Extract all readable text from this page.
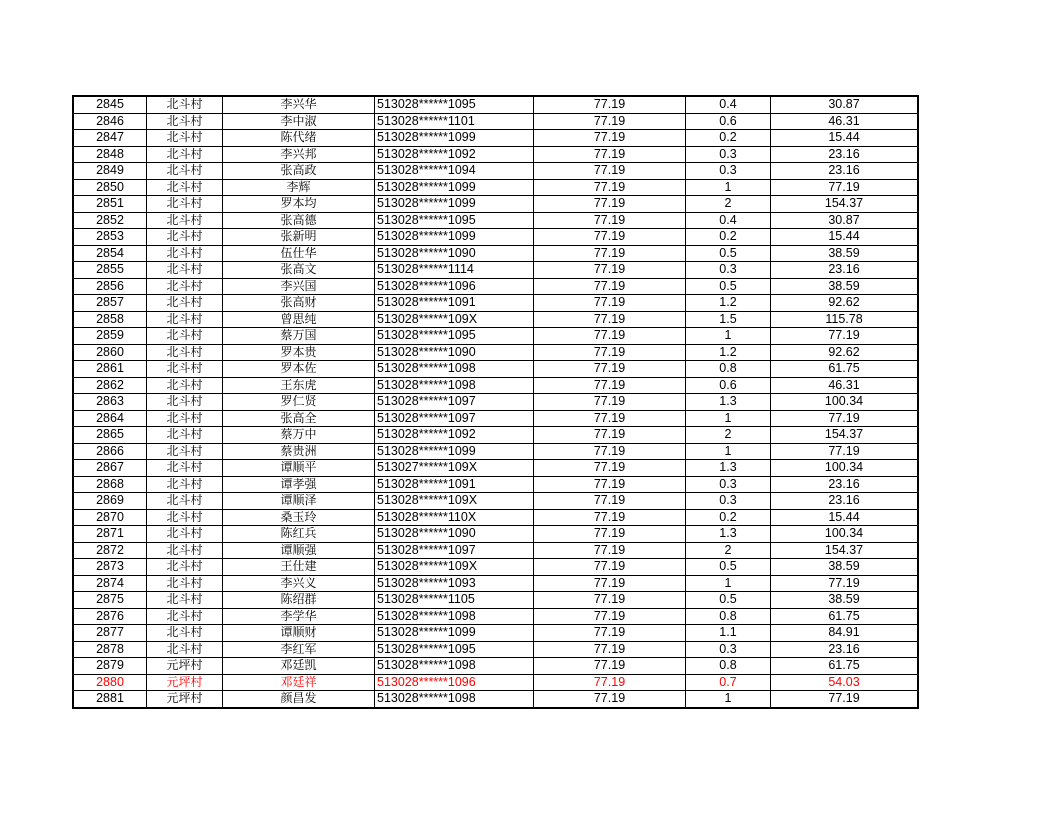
2845	北斗村	李兴华	513028******1095	77.19	0.4	30.87
2846	北斗村	李中淑	513028******1101	77.19	0.6	46.31
2847	北斗村	陈代绪	513028******1099	77.19	0.2	15.44
2848	北斗村	李兴邦	513028******1092	77.19	0.3	23.16
2849	北斗村	张高政	513028******1094	77.19	0.3	23.16
2850	北斗村	李辉	513028******1099	77.19	1	77.19
2851	北斗村	罗本均	513028******1099	77.19	2	154.37
2852	北斗村	张高德	513028******1095	77.19	0.4	30.87
2853	北斗村	张新明	513028******1099	77.19	0.2	15.44
2854	北斗村	伍仕华	513028******1090	77.19	0.5	38.59
2855	北斗村	张高文	513028******1114	77.19	0.3	23.16
2856	北斗村	李兴国	513028******1096	77.19	0.5	38.59
2857	北斗村	张高财	513028******1091	77.19	1.2	92.62
2858	北斗村	曾思纯	513028******109X	77.19	1.5	115.78
2859	北斗村	蔡万国	513028******1095	77.19	1	77.19
2860	北斗村	罗本贵	513028******1090	77.19	1.2	92.62
2861	北斗村	罗本佐	513028******1098	77.19	0.8	61.75
2862	北斗村	王东虎	513028******1098	77.19	0.6	46.31
2863	北斗村	罗仁贤	513028******1097	77.19	1.3	100.34
2864	北斗村	张高全	513028******1097	77.19	1	77.19
2865	北斗村	蔡万中	513028******1092	77.19	2	154.37
2866	北斗村	蔡贵洲	513028******1099	77.19	1	77.19
2867	北斗村	谭顺平	513027******109X	77.19	1.3	100.34
2868	北斗村	谭孝强	513028******1091	77.19	0.3	23.16
2869	北斗村	谭顺泽	513028******109X	77.19	0.3	23.16
2870	北斗村	桑玉玲	513028******110X	77.19	0.2	15.44
2871	北斗村	陈红兵	513028******1090	77.19	1.3	100.34
2872	北斗村	谭顺强	513028******1097	77.19	2	154.37
2873	北斗村	王仕建	513028******109X	77.19	0.5	38.59
2874	北斗村	李兴义	513028******1093	77.19	1	77.19
2875	北斗村	陈绍群	513028******1105	77.19	0.5	38.59
2876	北斗村	李学华	513028******1098	77.19	0.8	61.75
2877	北斗村	谭顺财	513028******1099	77.19	1.1	84.91
2878	北斗村	李红军	513028******1095	77.19	0.3	23.16
2879	元坪村	邓廷凯	513028******1098	77.19	0.8	61.75
2880	元坪村	邓廷祥	513028******1096	77.19	0.7	54.03
2881	元坪村	颜昌发	513028******1098	77.19	1	77.19
